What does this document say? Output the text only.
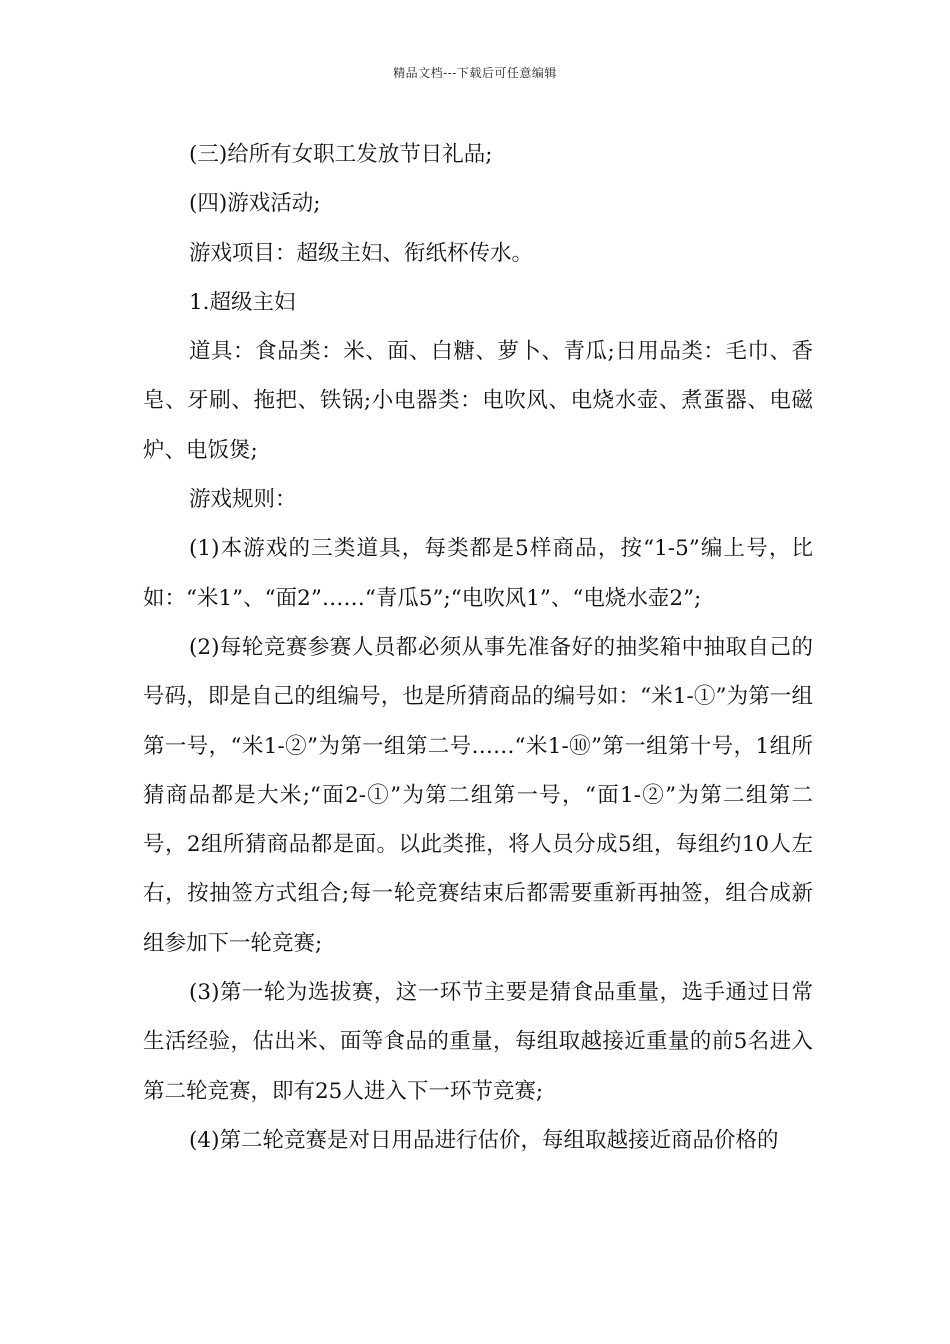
精品文档---下载后可任意编辑

(三)给所有女职工发放节日礼品;

(四)游戏活动;

游戏项目：超级主妇、衔纸杯传水。

1.超级主妇

道具：食品类：米、面、白糖、萝卜、青瓜;日用品类：毛巾、香皂、牙刷、拖把、铁锅;小电器类：电吹风、电烧水壶、煮蛋器、电磁炉、电饭煲;

游戏规则：

(1)本游戏的三类道具，每类都是5样商品，按“1-5”编上号，比如：“米1”、“面2”……“青瓜5”;“电吹风1”、“电烧水壶2”;

(2)每轮竞赛参赛人员都必须从事先准备好的抽奖箱中抽取自己的号码，即是自己的组编号，也是所猜商品的编号如：“米1-①”为第一组第一号，“米1-②”为第一组第二号……“米1-⑩”第一组第十号，1组所猜商品都是大米;“面2-①”为第二组第一号，“面1-②”为第二组第二号，2组所猜商品都是面。以此类推，将人员分成5组，每组约10人左右，按抽签方式组合;每一轮竞赛结束后都需要重新再抽签，组合成新组参加下一轮竞赛;

(3)第一轮为选拔赛，这一环节主要是猜食品重量，选手通过日常生活经验，估出米、面等食品的重量，每组取越接近重量的前5名进入第二轮竞赛，即有25人进入下一环节竞赛;

(4)第二轮竞赛是对日用品进行估价，每组取越接近商品价格的
